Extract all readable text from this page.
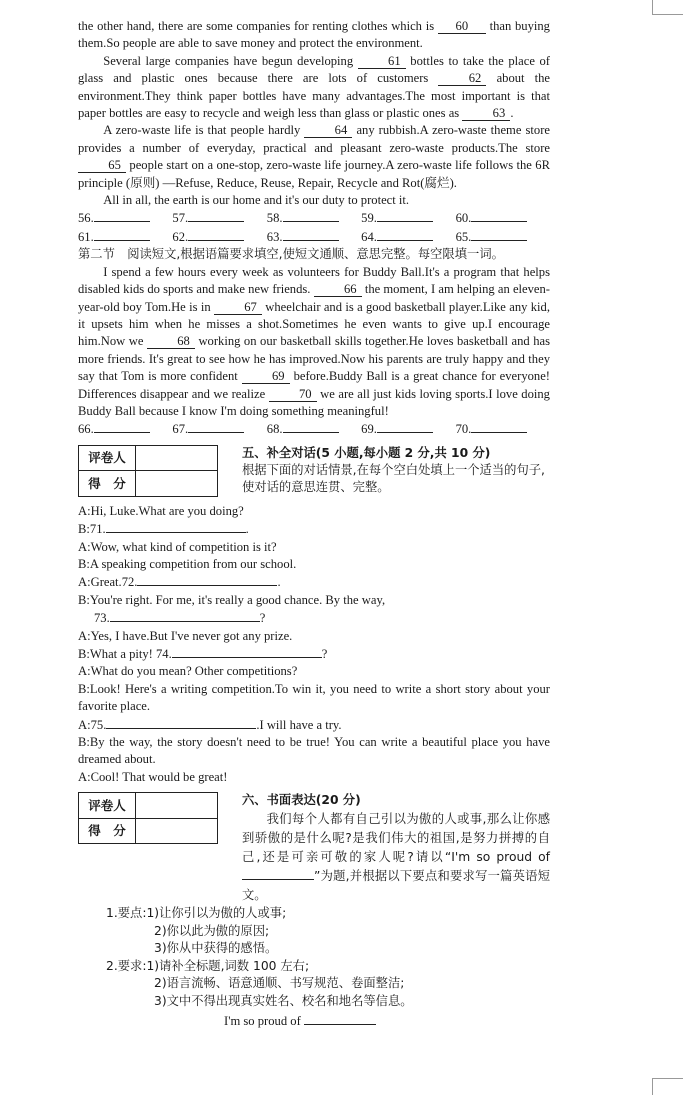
the other hand, there are some companies for renting clothes which is 60 than buying them.So people are able to save money and protect the environment.

Several large companies have begun developing	61 bottles to take the place of glass and plastic ones because there are lots of customers	62 about the environment.They think paper bottles have many advantages.The most important is that paper bottles are easy to recycle and weigh less than glass or plastic ones as	63 .

A zero-waste life is that people hardly	64 any rubbish.A zero-waste theme store provides a number of everyday, practical and pleasant zero-waste products.The store 65 people start on a one-stop, zero-waste life journey.A zero-waste life follows the 6R principle (原则) —Refuse, Reduce, Reuse, Repair, Recycle and Rot(腐烂).

All in all, the earth is our home and it's our duty to protect it.

56.	57.	58.	59.	60.
61.	62.	63.	64.	65.

第二节　阅读短文,根据语篇要求填空,使短文通顺、意思完整。每空限填一词。

I spend a few hours every week as volunteers for Buddy Ball.It's a program that helps disabled kids do sports and make new friends.	66 the moment, I am helping an eleven-year-old boy Tom.He is in	67 wheelchair and is a good basketball player.Like any kid, it upsets him when he misses a shot.Sometimes he even wants to give up.I encourage him.Now we	68 working on our basketball skills together.He loves basketball and has more friends. It's great to see how he has improved.Now his parents are truly happy and they say that Tom is more confident	69 before.Buddy Ball is a great chance for everyone! Differences disappear and we realize	70 we are all just kids loving sports.I love doing Buddy Ball because I know I'm doing something meaningful!

66.	67.	68.	69.	70.
评卷人	
得　分	
五、补全对话(5 小题,每小题 2 分,共 10 分)
根据下面的对话情景,在每个空白处填上一个适当的句子,使对话的意思连贯、完整。

A:Hi, Luke.What are you doing?

B:71.	.

A:Wow, what kind of competition is it?

B:A speaking competition from our school.

A:Great.72.	.

B:You're right. For me, it's really a good chance. By the way,

73.	?

A:Yes, I have.But I've never got any prize.

B:What a pity! 74.	?

A:What do you mean? Other competitions?

B:Look! Here's a writing competition.To win it, you need to write a short story about your favorite place.

A:75.	.I will have a try.

B:By the way, the story doesn't need to be true! You can write a beautiful place you have dreamed about.

A:Cool! That would be great!

评卷人	
得　分	
六、书面表达(20 分)

我们每个人都有自己引以为傲的人或事,那么让你感到骄傲的是什么呢?是我们伟大的祖国,是努力拼搏的自己,还是可亲可敬的家人呢?请以“I'm so proud of ”为题,并根据以下要点和要求写一篇英语短文。

1.要点:1)让你引以为傲的人或事;
2)你以此为傲的原因;
3)你从中获得的感悟。
2.要求:1)请补全标题,词数 100 左右;
2)语言流畅、语意通顺、书写规范、卷面整洁;
3)文中不得出现真实姓名、校名和地名等信息。

I'm so proud of
